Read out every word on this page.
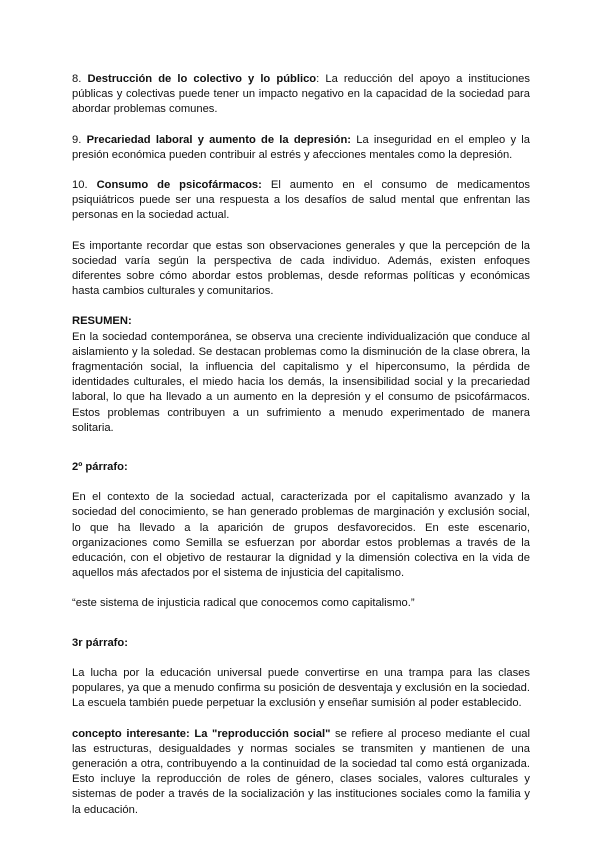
8. Destrucción de lo colectivo y lo público: La reducción del apoyo a instituciones públicas y colectivas puede tener un impacto negativo en la capacidad de la sociedad para abordar problemas comunes.

9. Precariedad laboral y aumento de la depresión: La inseguridad en el empleo y la presión económica pueden contribuir al estrés y afecciones mentales como la depresión.

10. Consumo de psicofármacos: El aumento en el consumo de medicamentos psiquiátricos puede ser una respuesta a los desafíos de salud mental que enfrentan las personas en la sociedad actual.

Es importante recordar que estas son observaciones generales y que la percepción de la sociedad varía según la perspectiva de cada individuo. Además, existen enfoques diferentes sobre cómo abordar estos problemas, desde reformas políticas y económicas hasta cambios culturales y comunitarios.

RESUMEN:

En la sociedad contemporánea, se observa una creciente individualización que conduce al aislamiento y la soledad. Se destacan problemas como la disminución de la clase obrera, la fragmentación social, la influencia del capitalismo y el hiperconsumo, la pérdida de identidades culturales, el miedo hacia los demás, la insensibilidad social y la precariedad laboral, lo que ha llevado a un aumento en la depresión y el consumo de psicofármacos. Estos problemas contribuyen a un sufrimiento a menudo experimentado de manera solitaria.

2º párrafo:

En el contexto de la sociedad actual, caracterizada por el capitalismo avanzado y la sociedad del conocimiento, se han generado problemas de marginación y exclusión social, lo que ha llevado a la aparición de grupos desfavorecidos. En este escenario, organizaciones como Semilla se esfuerzan por abordar estos problemas a través de la educación, con el objetivo de restaurar la dignidad y la dimensión colectiva en la vida de aquellos más afectados por el sistema de injusticia del capitalismo.

“este sistema de injusticia radical que conocemos como capitalismo.”

3r párrafo:

La lucha por la educación universal puede convertirse en una trampa para las clases populares, ya que a menudo confirma su posición de desventaja y exclusión en la sociedad. La escuela también puede perpetuar la exclusión y enseñar sumisión al poder establecido.

concepto interesante: La "reproducción social" se refiere al proceso mediante el cual las estructuras, desigualdades y normas sociales se transmiten y mantienen de una generación a otra, contribuyendo a la continuidad de la sociedad tal como está organizada. Esto incluye la reproducción de roles de género, clases sociales, valores culturales y sistemas de poder a través de la socialización y las instituciones sociales como la familia y la educación.
